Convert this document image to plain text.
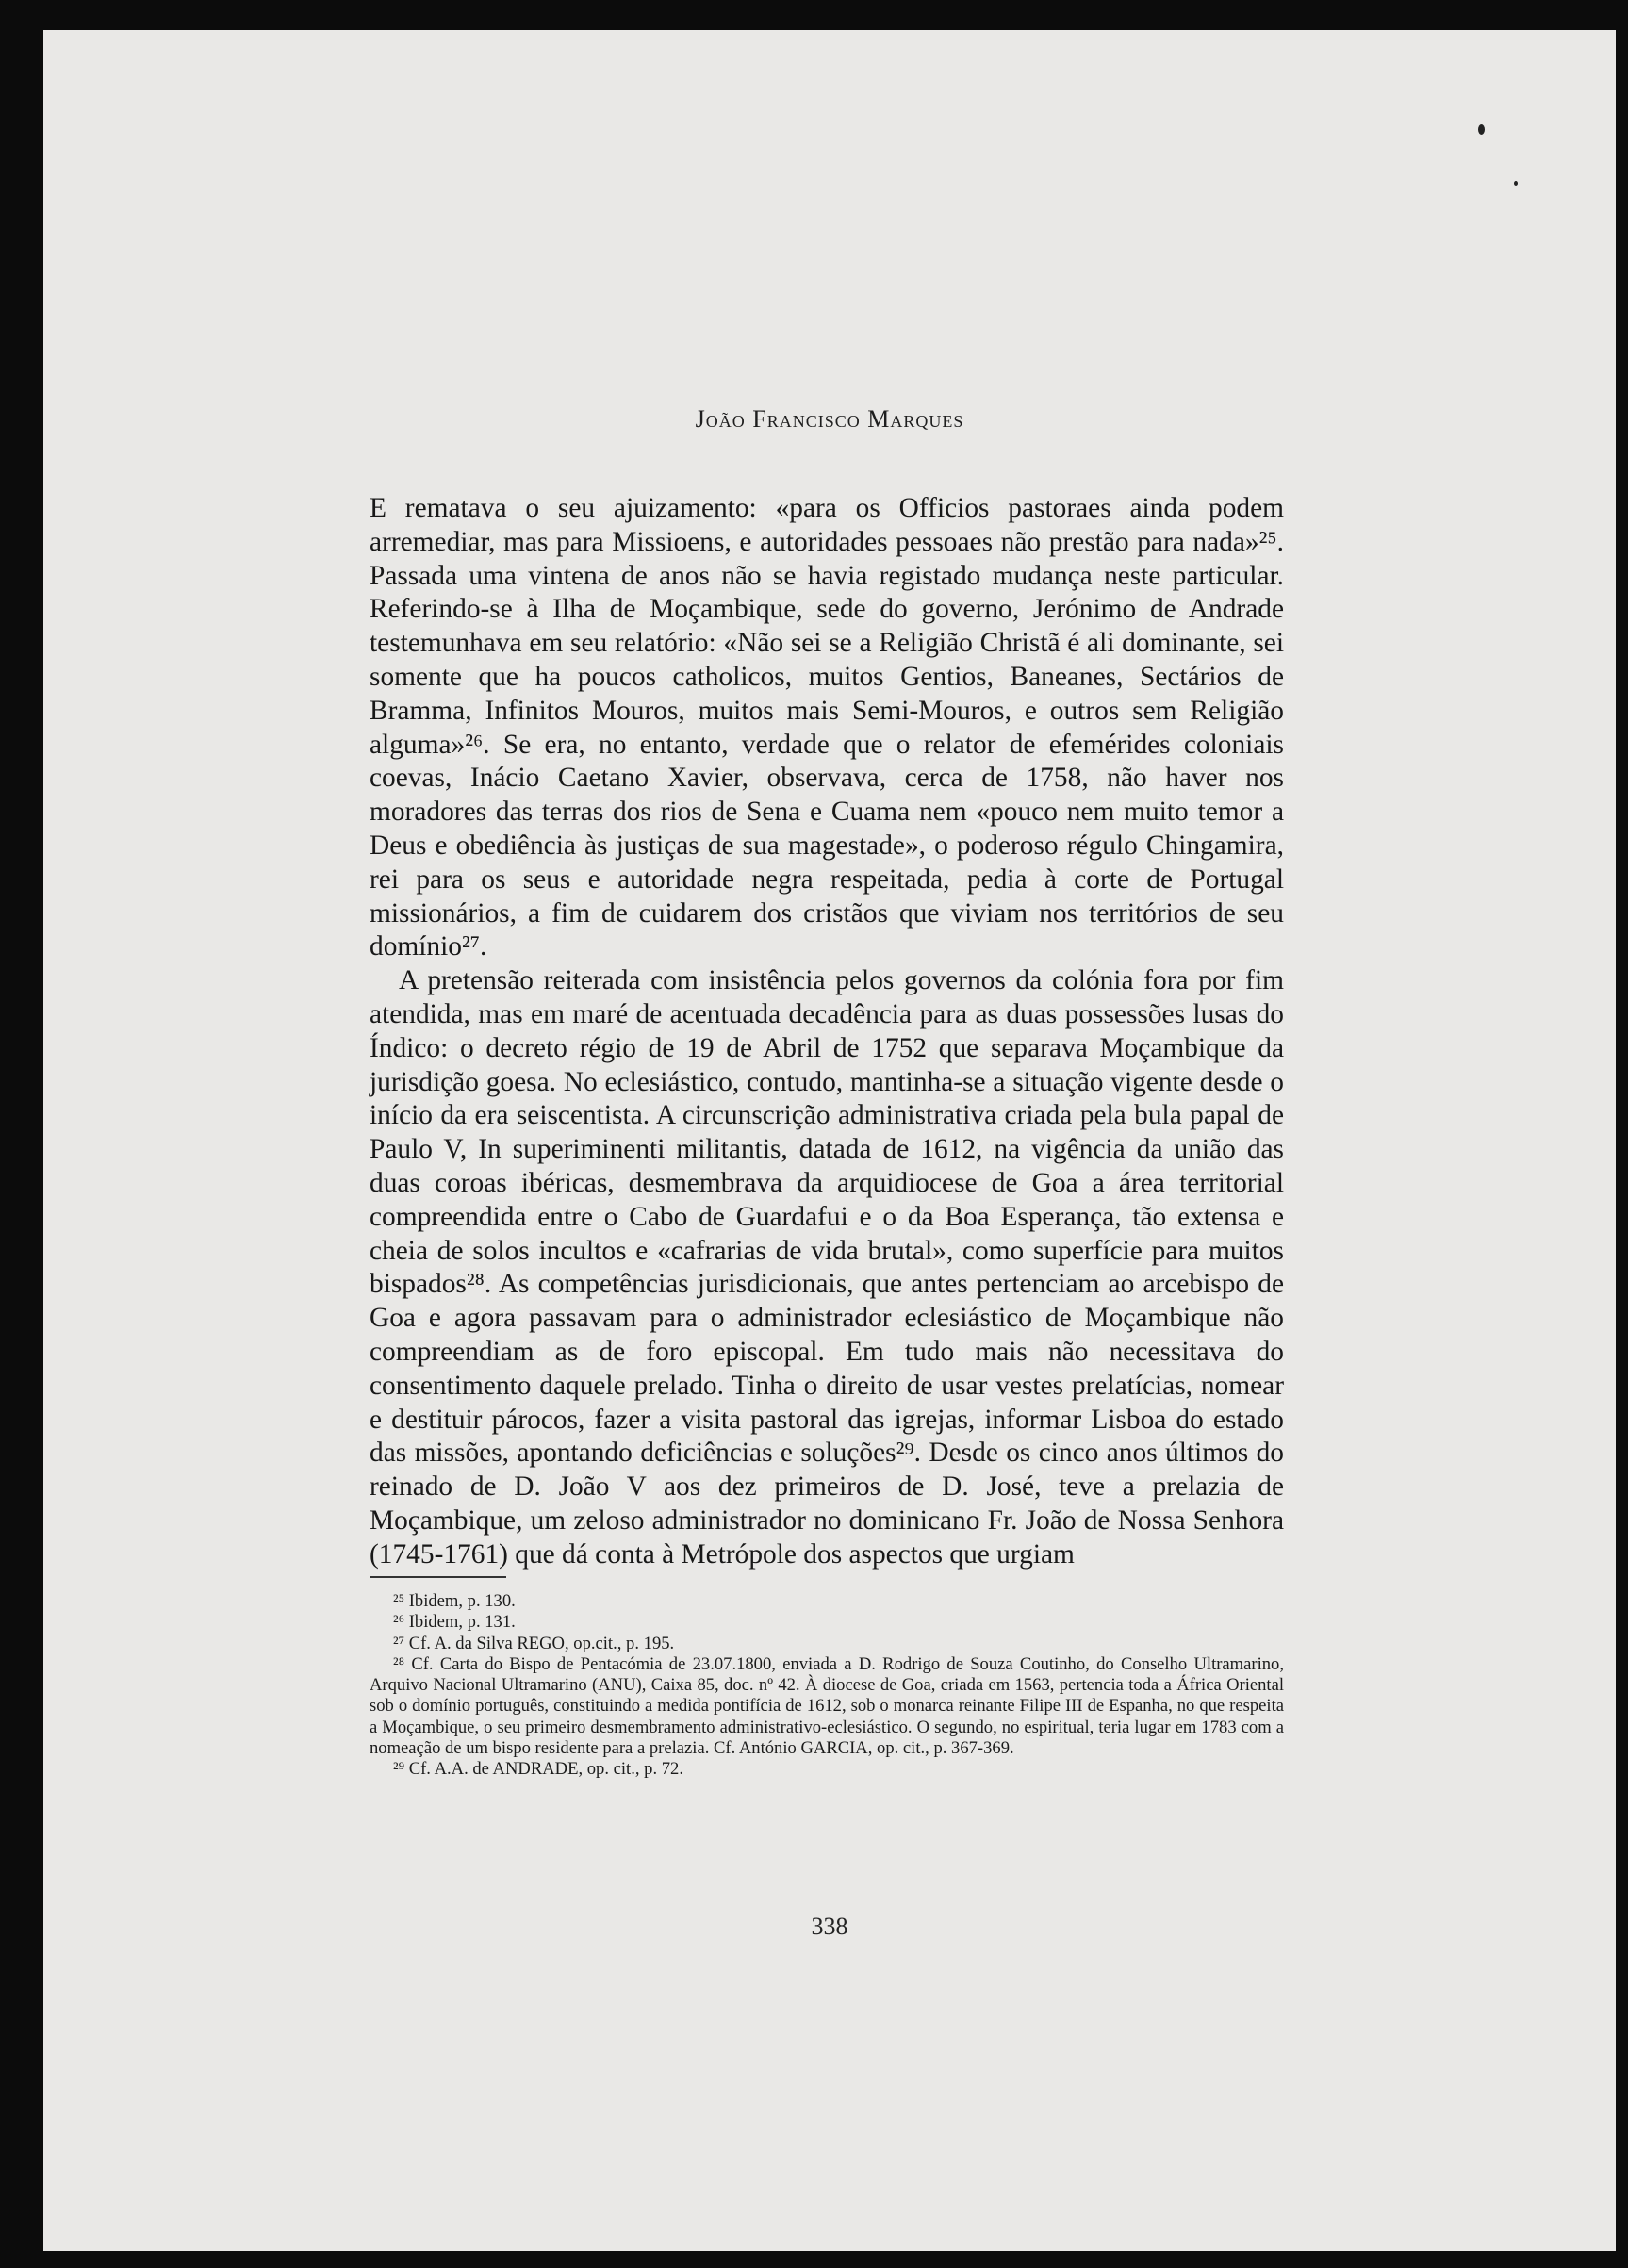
João Francisco Marques

E rematava o seu ajuizamento: «para os Officios pastoraes ainda podem arremediar, mas para Missioens, e autoridades pessoaes não prestão para nada»²⁵. Passada uma vintena de anos não se havia registado mudança neste particular. Referindo-se à Ilha de Moçambique, sede do governo, Jerónimo de Andrade testemunhava em seu relatório: «Não sei se a Religião Christã é ali dominante, sei somente que ha poucos catholicos, muitos Gentios, Baneanes, Sectários de Bramma, Infinitos Mouros, muitos mais Semi-Mouros, e outros sem Religião alguma»²⁶. Se era, no entanto, verdade que o relator de efemérides coloniais coevas, Inácio Caetano Xavier, observava, cerca de 1758, não haver nos moradores das terras dos rios de Sena e Cuama nem «pouco nem muito temor a Deus e obediência às justiças de sua magestade», o poderoso régulo Chingamira, rei para os seus e autoridade negra respeitada, pedia à corte de Portugal missionários, a fim de cuidarem dos cristãos que viviam nos territórios de seu domínio²⁷.

A pretensão reiterada com insistência pelos governos da colónia fora por fim atendida, mas em maré de acentuada decadência para as duas possessões lusas do Índico: o decreto régio de 19 de Abril de 1752 que separava Moçambique da jurisdição goesa. No eclesiástico, contudo, mantinha-se a situação vigente desde o início da era seiscentista. A circunscrição administrativa criada pela bula papal de Paulo V, In superiminenti militantis, datada de 1612, na vigência da união das duas coroas ibéricas, desmembrava da arquidiocese de Goa a área territorial compreendida entre o Cabo de Guardafui e o da Boa Esperança, tão extensa e cheia de solos incultos e «cafrarias de vida brutal», como superfície para muitos bispados²⁸. As competências jurisdicionais, que antes pertenciam ao arcebispo de Goa e agora passavam para o administrador eclesiástico de Moçambique não compreendiam as de foro episcopal. Em tudo mais não necessitava do consentimento daquele prelado. Tinha o direito de usar vestes prelatícias, nomear e destituir párocos, fazer a visita pastoral das igrejas, informar Lisboa do estado das missões, apontando deficiências e soluções²⁹. Desde os cinco anos últimos do reinado de D. João V aos dez primeiros de D. José, teve a prelazia de Moçambique, um zeloso administrador no dominicano Fr. João de Nossa Senhora (1745-1761) que dá conta à Metrópole dos aspectos que urgiam

²⁵ Ibidem, p. 130.

²⁶ Ibidem, p. 131.

²⁷ Cf. A. da Silva REGO, op.cit., p. 195.

²⁸ Cf. Carta do Bispo de Pentacómia de 23.07.1800, enviada a D. Rodrigo de Souza Coutinho, do Conselho Ultramarino, Arquivo Nacional Ultramarino (ANU), Caixa 85, doc. nº 42. À diocese de Goa, criada em 1563, pertencia toda a África Oriental sob o domínio português, constituindo a medida pontifícia de 1612, sob o monarca reinante Filipe III de Espanha, no que respeita a Moçambique, o seu primeiro desmembramento administrativo-eclesiástico. O segundo, no espiritual, teria lugar em 1783 com a nomeação de um bispo residente para a prelazia. Cf. António GARCIA, op. cit., p. 367-369.

²⁹ Cf. A.A. de ANDRADE, op. cit., p. 72.

338
